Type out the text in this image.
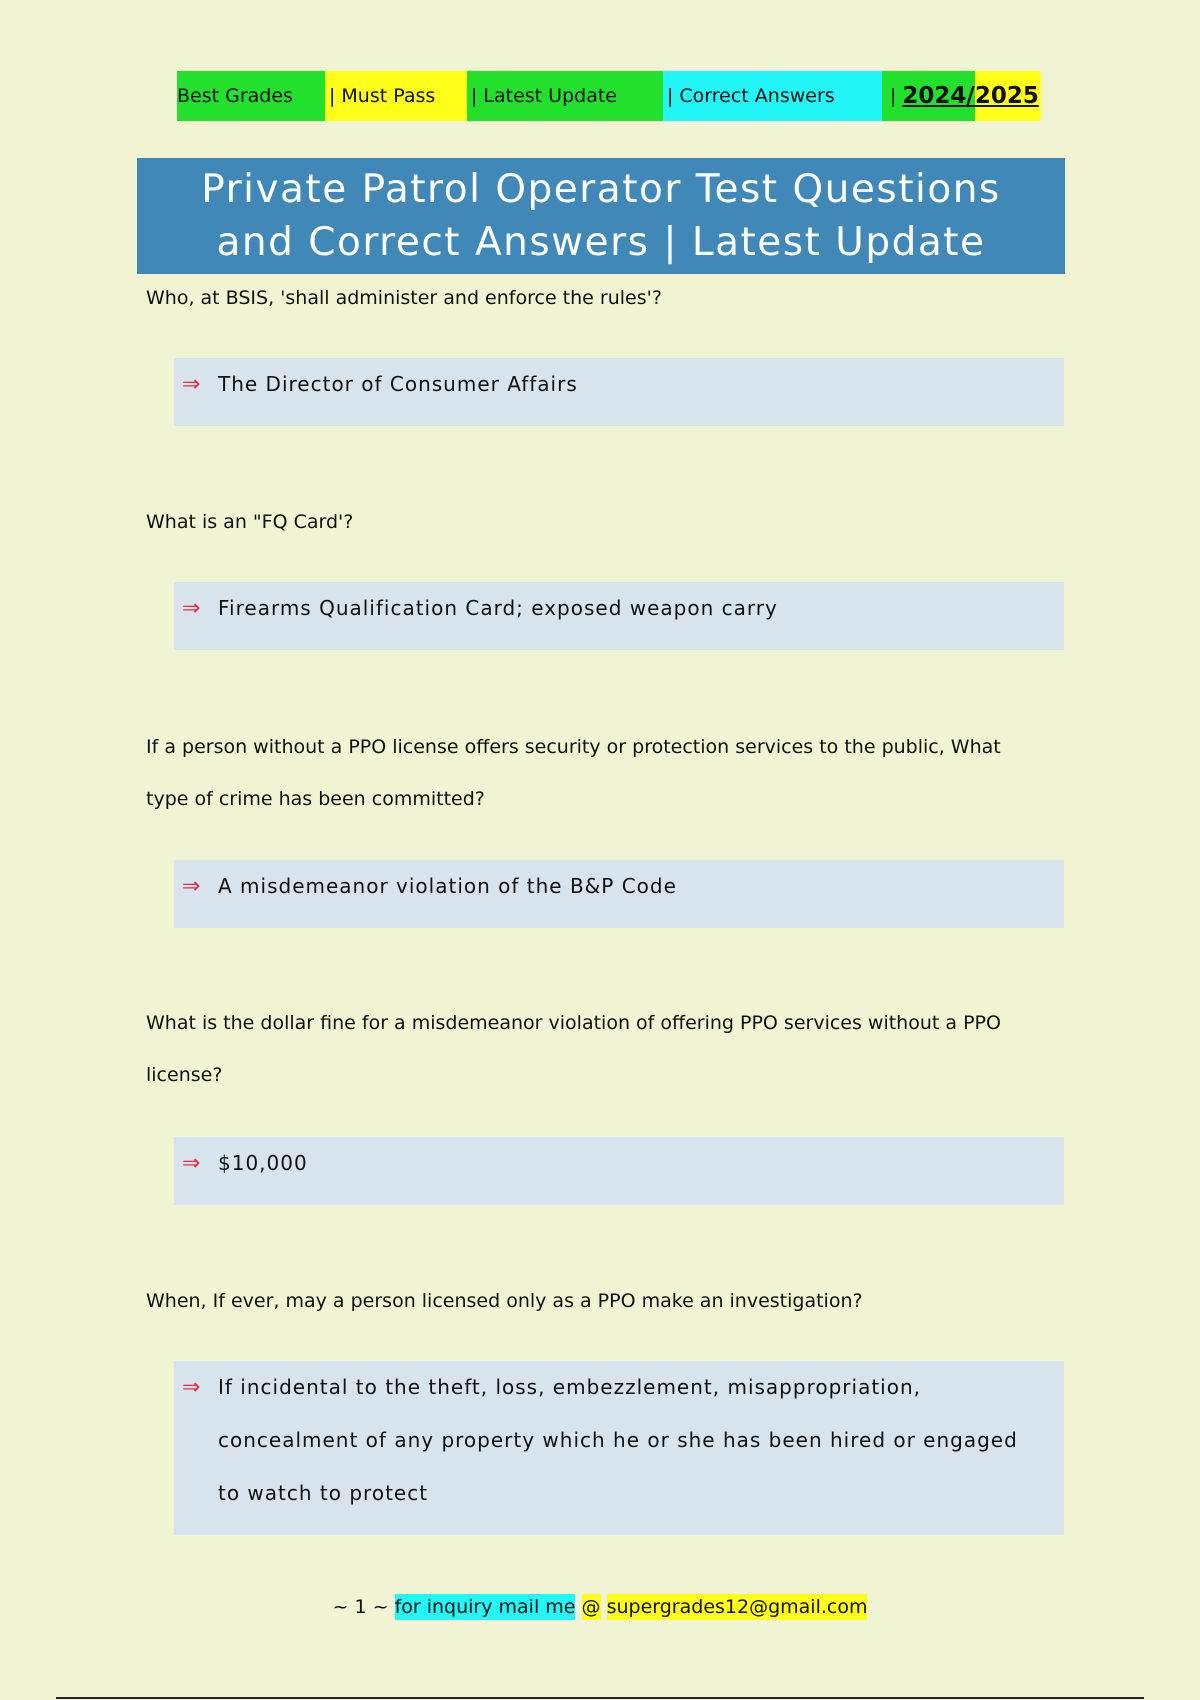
Best Grades | Must Pass | Latest Update	| Correct Answers	| 2024/ 2025
Private Patrol Operator Test Questions
and Correct Answers | Latest Update
Who, at BSIS, 'shall administer and enforce the rules'?
⇒ The Director of Consumer Affairs
What is an "FQ Card'?
⇒ Firearms Qualification Card; exposed weapon carry
If a person without a PPO license offers security or protection services to the public, What type of crime has been committed?
⇒ A misdemeanor violation of the B&P Code
What is the dollar fine for a misdemeanor violation of offering PPO services without a PPO license?
⇒ $10,000
When, If ever, may a person licensed only as a PPO make an investigation?
⇒ If incidental to the theft, loss, embezzlement, misappropriation,
concealment of any property which he or she has been hired or engaged to watch to protect
~ 1 ~ for inquiry mail me @ supergrades12@gmail.com
